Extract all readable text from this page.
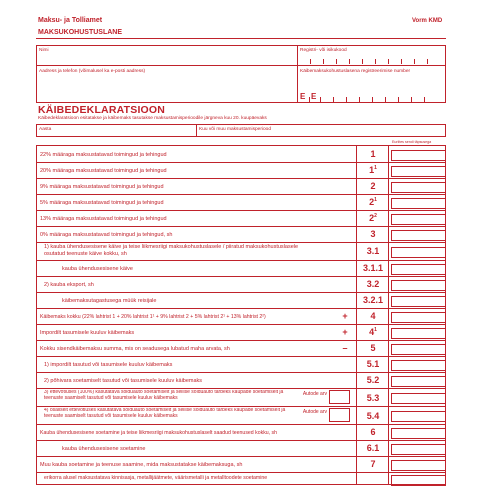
Maksu- ja Tolliamet	Vorm KMD
MAKSUKOHUSTUSLANE
Nimi	Registri- või isikukood
Aadress ja telefon (võimalusel ka e-posti aadress)	Käibemaksukohustuslasena registreerimise number
E E
KÄIBEDEKLARATSIOON
Käibedeklaratsioon esitatakse ja käibemaks tasutakse maksustamisperioodile järgneva kuu 20. kuupäevaks
Aasta	Kuu või muu maksustamisperiood
Euriites sendi täpsusega
22% määraga maksustatavad toimingud ja tehingud	1
20% määraga maksustatavad toimingud ja tehingud	$1^1$
9% määraga maksustatavad toimingud ja tehingud	2
5% määraga maksustatavad toimingud ja tehingud	$2^1$
13% määraga maksustatavad toimingud ja tehingud	$2^2$
0% määraga maksustatavad toimingud ja tehingud, sh	3
1) kauba ühendusesisene käive ja teise liikmesriigi maksukohustuslasele / piiratud maksukohustuslasele osutatud teenuste käive kokku, sh	3.1
kauba ühendusesisene käive	3.1.1
2) kauba eksport, sh	3.2
käibemaksutagastusega müük reisijale	3.2.1
Käibemaks kokku (22% lahtrist 1 + 20% lahtrist 1¹ + 9% lahtrist 2 + 5% lahtrist 2¹ + 13% lahtrist 2²)	+	4
Impordilt tasumisele kuuluv käibemaks	+	$4^1$
Kokku sisendkäibemaksu summa, mis on seadusega lubatud maha arvata, sh	–	5
1) impordilt tasutud või tasumisele kuuluv käibemaks	5.1
2) põhivara soetamiselt tasutud või tasumisele kuuluv käibemaks	5.2
3) ettevõtluses (100%) kasutatava sõiduauto soetamiselt ja sellise sõiduauto tarbeks kaupade soetamiselt ja teenuste saamiselt tasutud või tasumisele kuuluv käibemaks
Autode arv	5.3
4) osaliselt ettevõtluses kasutatava sõiduauto soetamiselt ja sellise sõiduauto tarbeks kaupade soetamiselt ja teenuste saamiselt tasutud või tasumisele kuuluv käibemaks
Autode arv	5.4
Kauba ühendusesisene soetamine ja teise liikmesriigi maksukohustuslaselt saadud teenused kokku, sh	6
kauba ühendusesisene soetamine	6.1
Muu kauba soetamine ja teenuse saamine, mida maksustatakse käibemaksuga, sh	7
erikorra alusel maksustatava kinnisasja, metallijäätmete, väärismetalli ja metalltoodete soetamine
